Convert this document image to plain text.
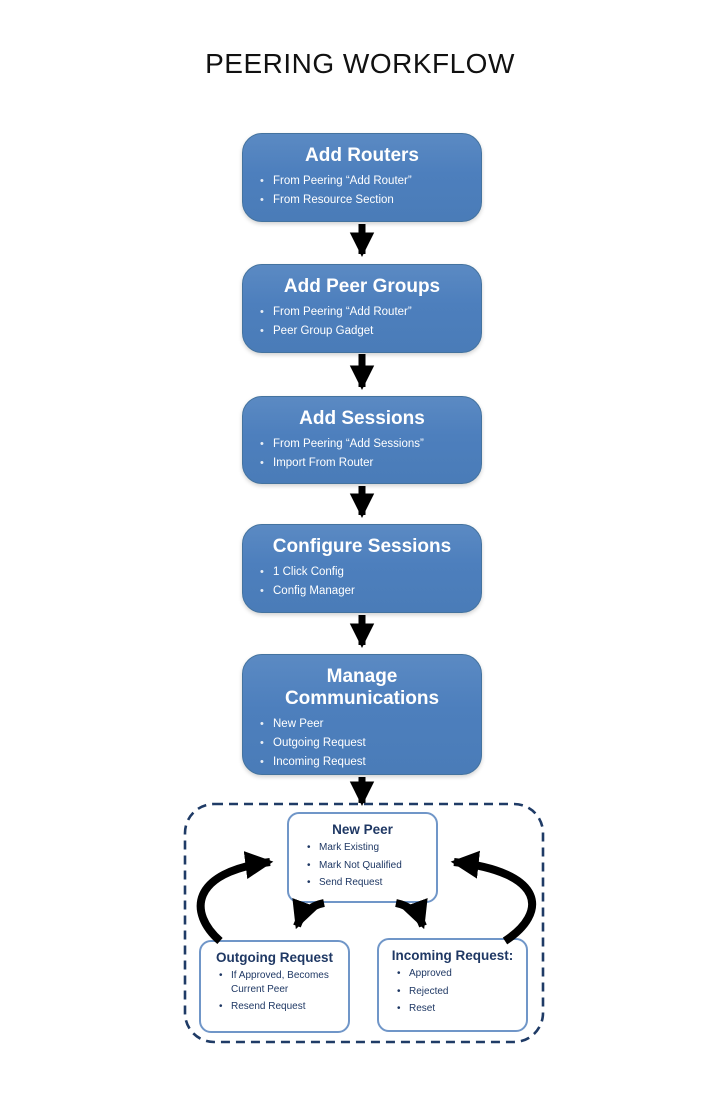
PEERING WORKFLOW
Add Routers
• From Peering “Add Router”
• From Resource Section
Add Peer Groups
• From Peering “Add Router”
• Peer Group Gadget
Add Sessions
• From Peering “Add Sessions”
• Import From Router
Configure Sessions
• 1 Click Config
• Config Manager
Manage Communications
• New Peer
• Outgoing Request
• Incoming Request
New Peer
• Mark Existing
• Mark Not Qualified
• Send Request
Outgoing Request
• If Approved, Becomes Current Peer
• Resend Request
Incoming Request:
• Approved
• Rejected
• Reset
